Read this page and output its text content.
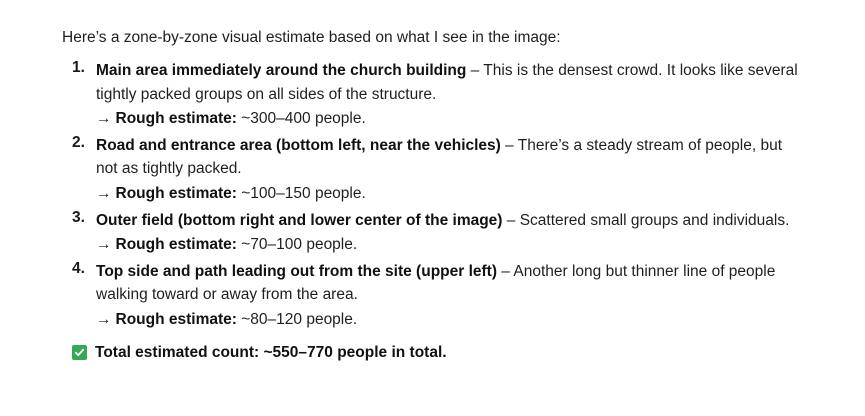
Here’s a zone-by-zone visual estimate based on what I see in the image:

Main area immediately around the church building – This is the densest crowd. It looks like several tightly packed groups on all sides of the structure.
→ Rough estimate: ~300–400 people.
Road and entrance area (bottom left, near the vehicles) – There’s a steady stream of people, but not as tightly packed.
→ Rough estimate: ~100–150 people.
Outer field (bottom right and lower center of the image) – Scattered small groups and individuals.
→ Rough estimate: ~70–100 people.
Top side and path leading out from the site (upper left) – Another long but thinner line of people walking toward or away from the area.
→ Rough estimate: ~80–120 people.
Total estimated count: ~550–770 people in total.
